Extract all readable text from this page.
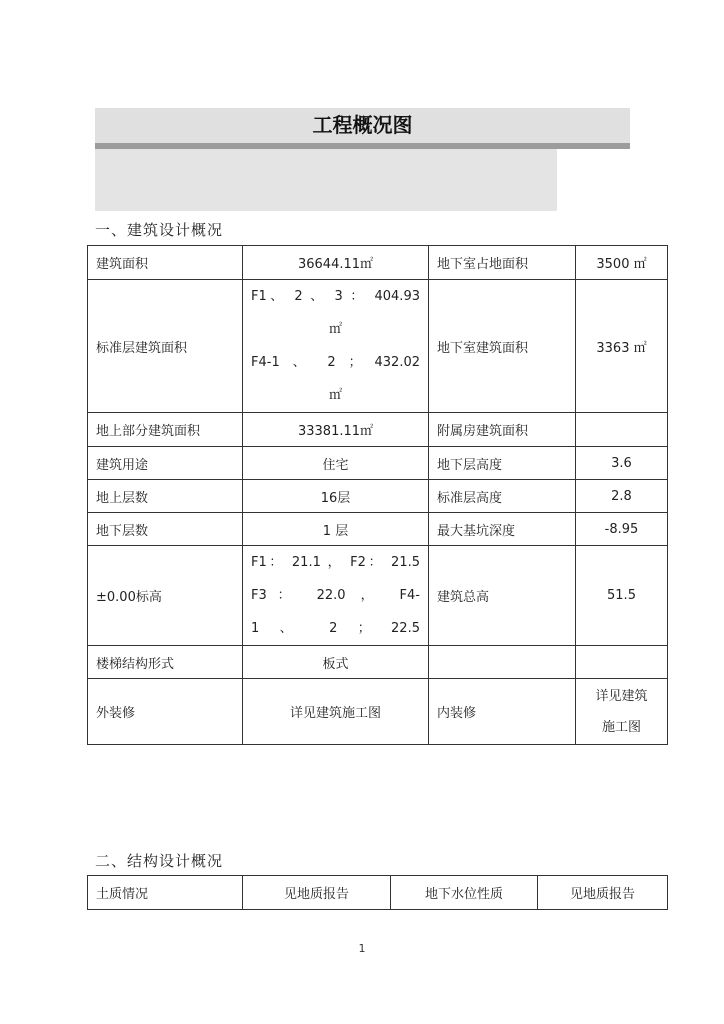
工程概况图
一、建筑设计概况
建筑面积	36644.11㎡	地下室占地面积	3500 ㎡
标准层建筑面积	F1、 2 、 3 ： 404.93
㎡
F4-1 、 2 ； 432.02
㎡	地下室建筑面积	3363 ㎡
地上部分建筑面积	33381.11㎡	附属房建筑面积	
建筑用途	住宅	地下层高度	3.6
地上层数	16层	标准层高度	2.8
地下层数	1 层	最大基坑深度	-8.95
±0.00标高	F1： 21.1 ， F2： 21.5
F3： 22.0 ， F4-
1 、 2 ； 22.5	建筑总高	51.5
楼梯结构形式	板式		
外装修	详见建筑施工图	内装修	详见建筑
施工图
二、结构设计概况
土质情况	见地质报告	地下水位性质	见地质报告
1
